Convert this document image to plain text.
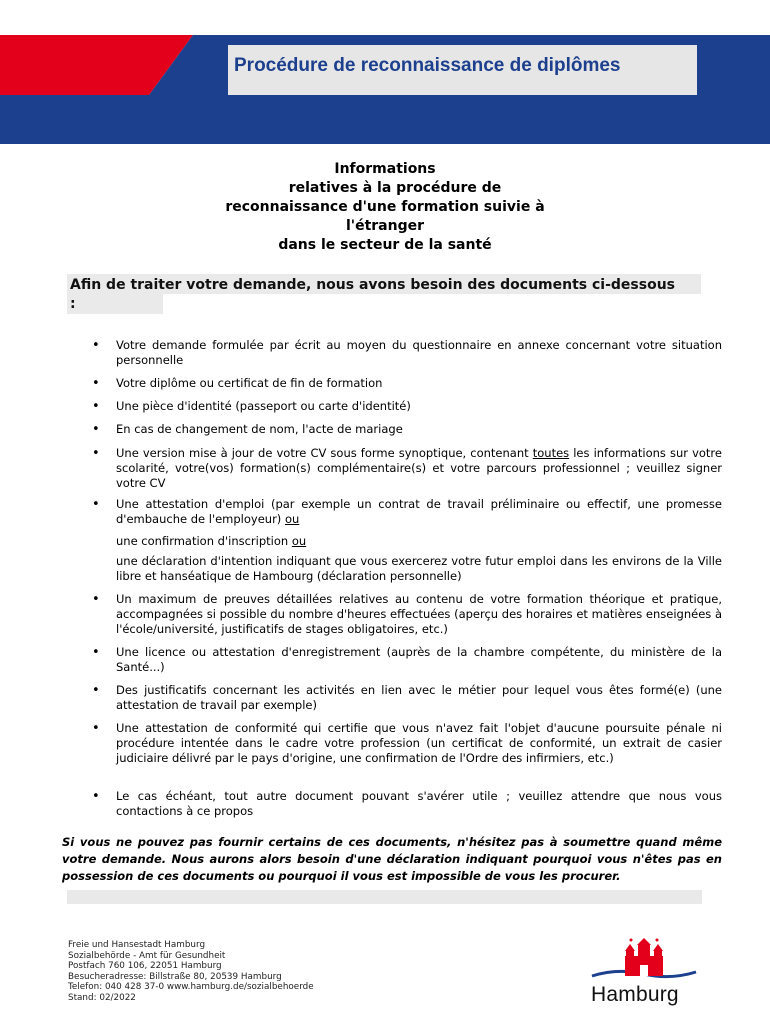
Procédure de reconnaissance de diplômes
Informations
relatives à la procédure de
reconnaissance d'une formation suivie à
l'étranger
dans le secteur de la santé
Afin de traiter votre demande, nous avons besoin des documents ci-dessous :
• Votre demande formulée par écrit au moyen du questionnaire en annexe concernant votre situation personnelle
• Votre diplôme ou certificat de fin de formation
• Une pièce d'identité (passeport ou carte d'identité)
• En cas de changement de nom, l'acte de mariage
• Une version mise à jour de votre CV sous forme synoptique, contenant toutes les informations sur votre scolarité, votre(vos) formation(s) complémentaire(s) et votre parcours professionnel ; veuillez signer votre CV
• Une attestation d'emploi (par exemple un contrat de travail préliminaire ou effectif, une promesse d'embauche de l'employeur) ou
une confirmation d'inscription ou
une déclaration d'intention indiquant que vous exercerez votre futur emploi dans les environs de la Ville libre et hanséatique de Hambourg (déclaration personnelle)
• Un maximum de preuves détaillées relatives au contenu de votre formation théorique et pratique, accompagnées si possible du nombre d'heures effectuées (aperçu des horaires et matières enseignées à l'école/université, justificatifs de stages obligatoires, etc.)
• Une licence ou attestation d'enregistrement (auprès de la chambre compétente, du ministère de la Santé...)
• Des justificatifs concernant les activités en lien avec le métier pour lequel vous êtes formé(e) (une attestation de travail par exemple)
• Une attestation de conformité qui certifie que vous n'avez fait l'objet d'aucune poursuite pénale ni procédure intentée dans le cadre votre profession (un certificat de conformité, un extrait de casier judiciaire délivré par le pays d'origine, une confirmation de l'Ordre des infirmiers, etc.)
• Le cas échéant, tout autre document pouvant s'avérer utile ; veuillez attendre que nous vous contactions à ce propos
Si vous ne pouvez pas fournir certains de ces documents, n'hésitez pas à soumettre quand même votre demande. Nous aurons alors besoin d'une déclaration indiquant pourquoi vous n'êtes pas en possession de ces documents ou pourquoi il vous est impossible de vous les procurer.
Freie und Hansestadt Hamburg
Sozialbehörde - Amt für Gesundheit
Postfach 760 106, 22051 Hamburg
Besucheradresse: Billstraße 80, 20539 Hamburg
Telefon: 040 428 37-0 www.hamburg.de/sozialbehoerde
Stand: 02/2022	Hamburg
